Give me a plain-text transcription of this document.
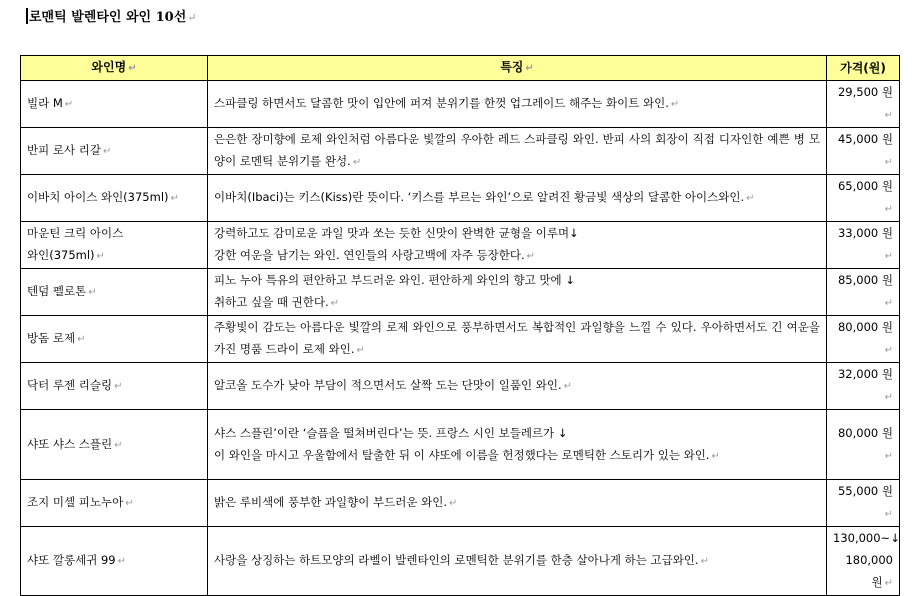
로맨틱 발렌타인 와인 10선↵
와인명 ↵	특징 ↵	가격(원)
빌라 M ↵	스파클링 하면서도 달콤한 맛이 입안에 퍼져 분위기를 한껏 업그레이드 해주는 화이트 와인. ↵	29,500 원 ↵
반피 로사 리갈 ↵	은은한 장미향에 로제 와인처럼 아름다운 빛깔의 우아한 레드 스파클링 와인. 반피 사의 회장이 직접 디자인한 예쁜 병 모양이 로멘틱 분위기를 완성. ↵	45,000 원 ↵
이바치 아이스 와인(375ml) ↵	이바치(Ibaci)는 키스(Kiss)란 뜻이다. ‘키스를 부르는 와인’으로 알려진 황금빛 색상의 달콤한 아이스와인. ↵	65,000 원 ↵
마운틴 크릭 아이스
와인(375ml) ↵	강력하고도 감미로운 과일 맛과 쏘는 듯한 신맛이 완벽한 균형을 이루며↓
강한 여운을 남기는 와인. 연인들의 사랑고백에 자주 등장한다. ↵	33,000 원 ↵
텐덤 펠로톤 ↵	피노 누아 특유의 편안하고 부드러운 와인. 편안하게 와인의 향고 맛에 ↓
취하고 싶을 때 권한다. ↵	85,000 원 ↵
방돔 로제 ↵	주황빛이 감도는 아름다운 빛깔의 로제 와인으로 풍부하면서도 복합적인 과일향을 느낄 수 있다. 우아하면서도 긴 여운을 가진 명품 드라이 로제 와인. ↵	80,000 원 ↵
닥터 루젠 리슬링 ↵	알코올 도수가 낮아 부담이 적으면서도 살짝 도는 단맛이 일품인 와인. ↵	32,000 원 ↵
샤또 샤스 스플린 ↵	샤스 스플린’이란 ‘슬픔을 떨쳐버린다’는 뜻. 프랑스 시인 보들레르가 ↓
이 와인을 마시고 우울함에서 탈출한 뒤 이 샤또에 이름을 헌정했다는 로멘틱한 스토리가 있는 와인. ↵	80,000 원 ↵
조지 미셸 피노누아 ↵	밝은 루비색에 풍부한 과일향이 부드러운 와인. ↵	55,000 원 ↵
샤또 깔롱세귀 99 ↵	사랑을 상징하는 하트모양의 라벨이 발렌타인의 로멘틱한 분위기를 한층 살아나게 하는 고급와인. ↵	130,000~↓
180,000 원 ↵
